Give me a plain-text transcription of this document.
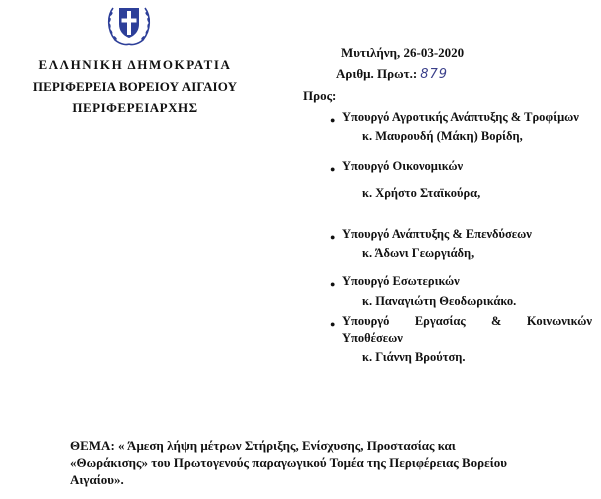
ΕΛΛΗΝΙΚΗ ΔΗΜΟΚΡΑΤΙΑ
ΠΕΡΙΦΕΡΕΙΑ ΒΟΡΕΙΟΥ ΑΙΓΑΙΟΥ
ΠΕΡΙΦΕΡΕΙΑΡΧΗΣ
Μυτιλήνη, 26-03-2020
Αριθμ. Πρωτ.: 879
Προς:
● Υπουργό Αγροτικής Ανάπτυξης & Τροφίμων
κ. Μαυρουδή (Μάκη) Βορίδη,
● Υπουργό Οικονομικών
κ. Χρήστο Σταϊκούρα,
● Υπουργό Ανάπτυξης & Επενδύσεων
κ. Άδωνι Γεωργιάδη,
● Υπουργό Εσωτερικών
κ. Παναγιώτη Θεοδωρικάκο.
● Υπουργό Εργασίας & Κοινωνικών
Υποθέσεων
κ. Γιάννη Βρούτση.
ΘΕΜΑ: « Άμεση λήψη μέτρων Στήριξης, Ενίσχυσης, Προστασίας και
«Θωράκισης» του Πρωτογενούς παραγωγικού Τομέα της Περιφέρειας Βορείου
Αιγαίου».
